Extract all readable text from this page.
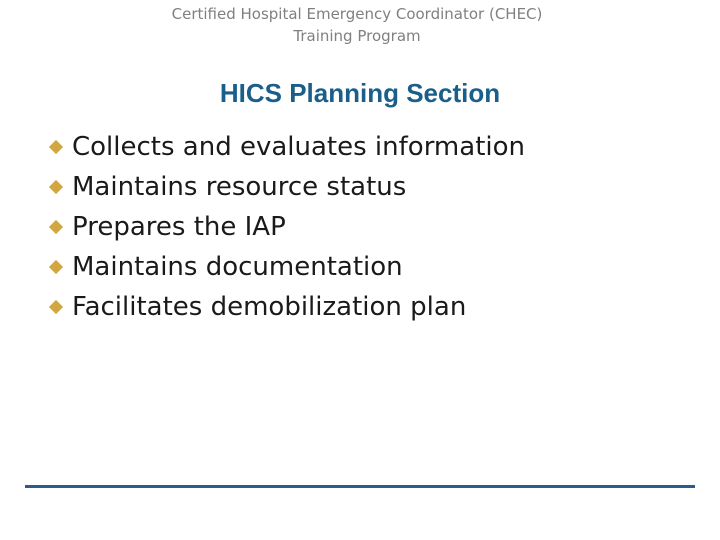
Certified Hospital Emergency Coordinator (CHEC)
Training Program
HICS Planning Section
Collects and evaluates information
Maintains resource status
Prepares the IAP
Maintains documentation
Facilitates demobilization plan
